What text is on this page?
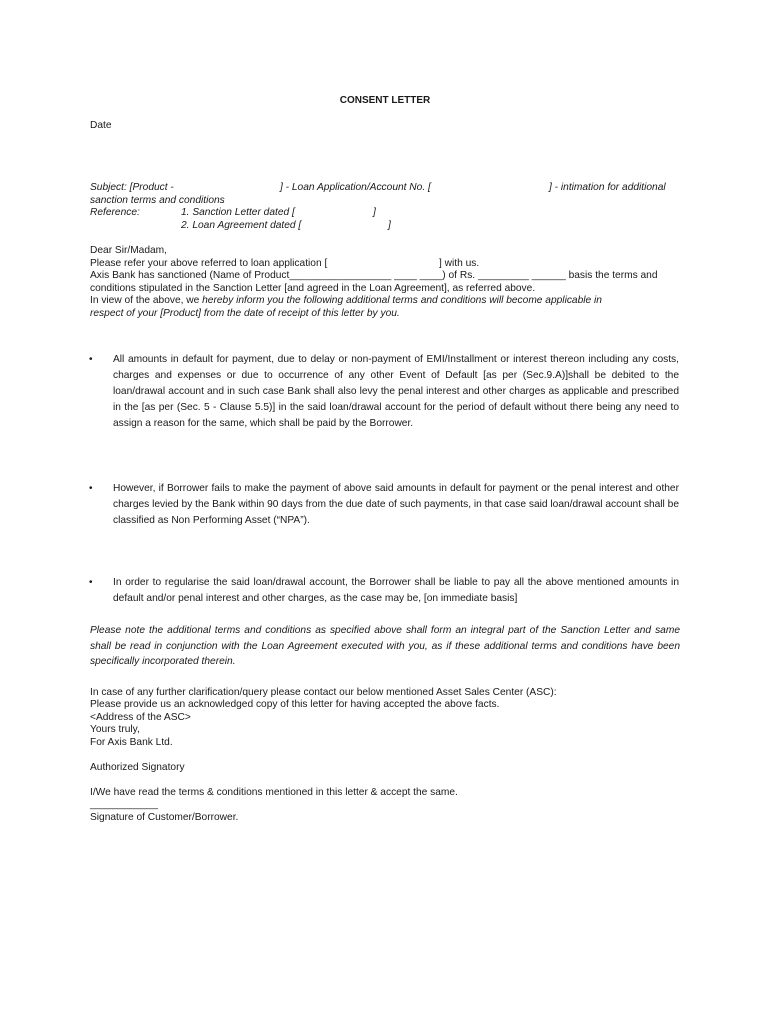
CONSENT LETTER
Date
Subject: [Product -	] - Loan Application/Account No. [	] - intimation for additional
sanction terms and conditions
Reference:	1. Sanction Letter dated [	]
2. Loan Agreement dated [	]
Dear Sir/Madam,
Please refer your above referred to loan application [	] with us.
Axis Bank has sanctioned (Name of Product__________________ ____ ____) of Rs. _________ ______ basis the terms and
conditions stipulated in the Sanction Letter [and agreed in the Loan Agreement], as referred above.
In view of the above, we hereby inform you the following additional terms and conditions will become applicable in
respect of your [Product] from the date of receipt of this letter by you.
• All amounts in default for payment, due to delay or non-payment of EMI/Installment or interest thereon including any costs, charges and expenses or due to occurrence of any other Event of Default [as per (Sec.9.A)]shall be debited to the loan/drawal account and in such case Bank shall also levy the penal interest and other charges as applicable and prescribed in the [as per (Sec. 5 - Clause 5.5)] in the said loan/drawal account for the period of default without there being any need to assign a reason for the same, which shall be paid by the Borrower.
• However, if Borrower fails to make the payment of above said amounts in default for payment or the penal interest and other charges levied by the Bank within 90 days from the due date of such payments, in that case said loan/drawal account shall be classified as Non Performing Asset (“NPA”).
• In order to regularise the said loan/drawal account, the Borrower shall be liable to pay all the above mentioned amounts in default and/or penal interest and other charges, as the case may be, [on immediate basis]
Please note the additional terms and conditions as specified above shall form an integral part of the Sanction Letter and same shall be read in conjunction with the Loan Agreement executed with you, as if these additional terms and conditions have been specifically incorporated therein.
In case of any further clarification/query please contact our below mentioned Asset Sales Center (ASC):
Please provide us an acknowledged copy of this letter for having accepted the above facts.
<Address of the ASC>
Yours truly,
For Axis Bank Ltd.
Authorized Signatory
I/We have read the terms & conditions mentioned in this letter & accept the same.
____________
Signature of Customer/Borrower.
